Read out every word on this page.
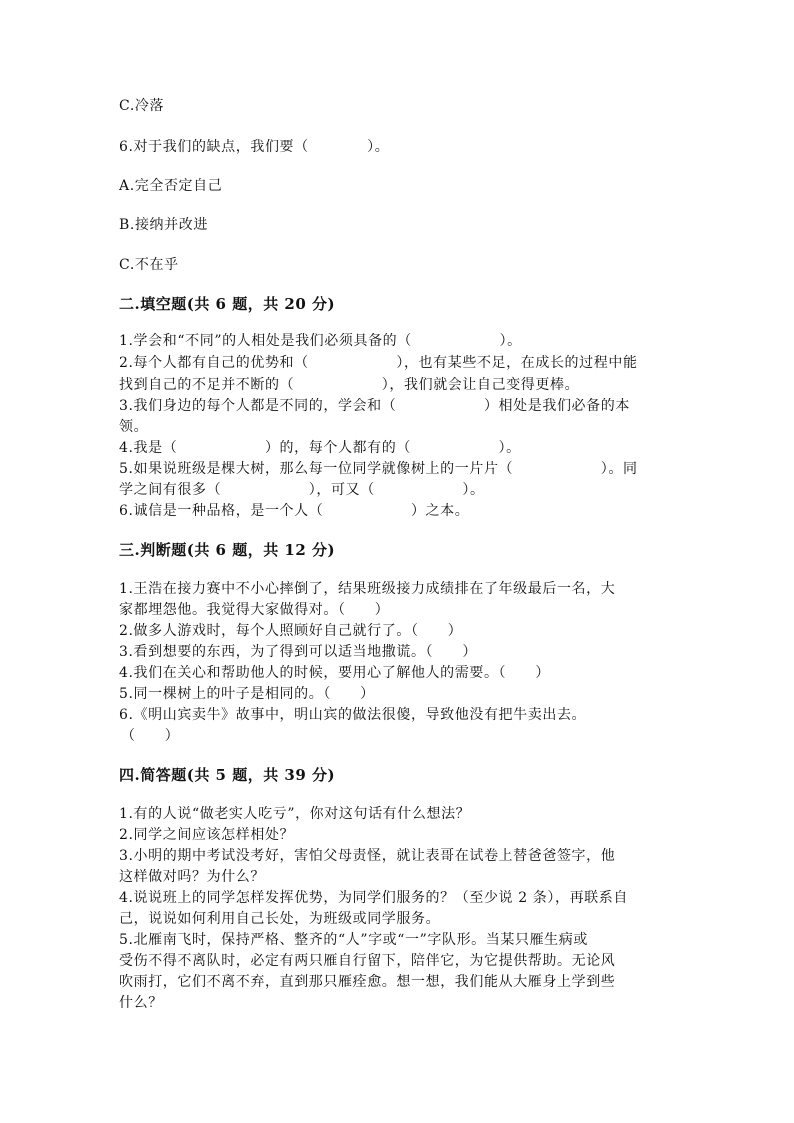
C.冷落

6.对于我们的缺点，我们要（　　　　）。

A.完全否定自己

B.接纳并改进

C.不在乎

二.填空题(共 6 题，共 20 分)

1.学会和“不同”的人相处是我们必须具备的（　　　　　　）。

2.每个人都有自己的优势和（　　　　　　），也有某些不足，在成长的过程中能

找到自己的不足并不断的（　　　　　　），我们就会让自己变得更棒。

3.我们身边的每个人都是不同的，学会和（　　　　　　）相处是我们必备的本

领。

4.我是（　　　　　　）的，每个人都有的（　　　　　　）。

5.如果说班级是棵大树，那么每一位同学就像树上的一片片（　　　　　　）。同

学之间有很多（　　　　　　），可又（　　　　　　）。

6.诚信是一种品格，是一个人（　　　　　　）之本。

三.判断题(共 6 题，共 12 分)

1.王浩在接力赛中不小心摔倒了，结果班级接力成绩排在了年级最后一名，大

家都埋怨他。我觉得大家做得对。（　　）

2.做多人游戏时，每个人照顾好自己就行了。（　　）

3.看到想要的东西，为了得到可以适当地撒谎。（　　）

4.我们在关心和帮助他人的时候，要用心了解他人的需要。（　　）

5.同一棵树上的叶子是相同的。（　　）

6.《明山宾卖牛》故事中，明山宾的做法很傻，导致他没有把牛卖出去。

（　　）

四.简答题(共 5 题，共 39 分)

1.有的人说“做老实人吃亏”，你对这句话有什么想法？

2.同学之间应该怎样相处？

3.小明的期中考试没考好，害怕父母责怪，就让表哥在试卷上替爸爸签字，他

这样做对吗？为什么？

4.说说班上的同学怎样发挥优势，为同学们服务的？（至少说 2 条），再联系自

己，说说如何利用自己长处，为班级或同学服务。

5.北雁南飞时，保持严格、整齐的“人”字或“一”字队形。当某只雁生病或

受伤不得不离队时，必定有两只雁自行留下，陪伴它，为它提供帮助。无论风

吹雨打，它们不离不弃，直到那只雁痊愈。想一想，我们能从大雁身上学到些

什么？
